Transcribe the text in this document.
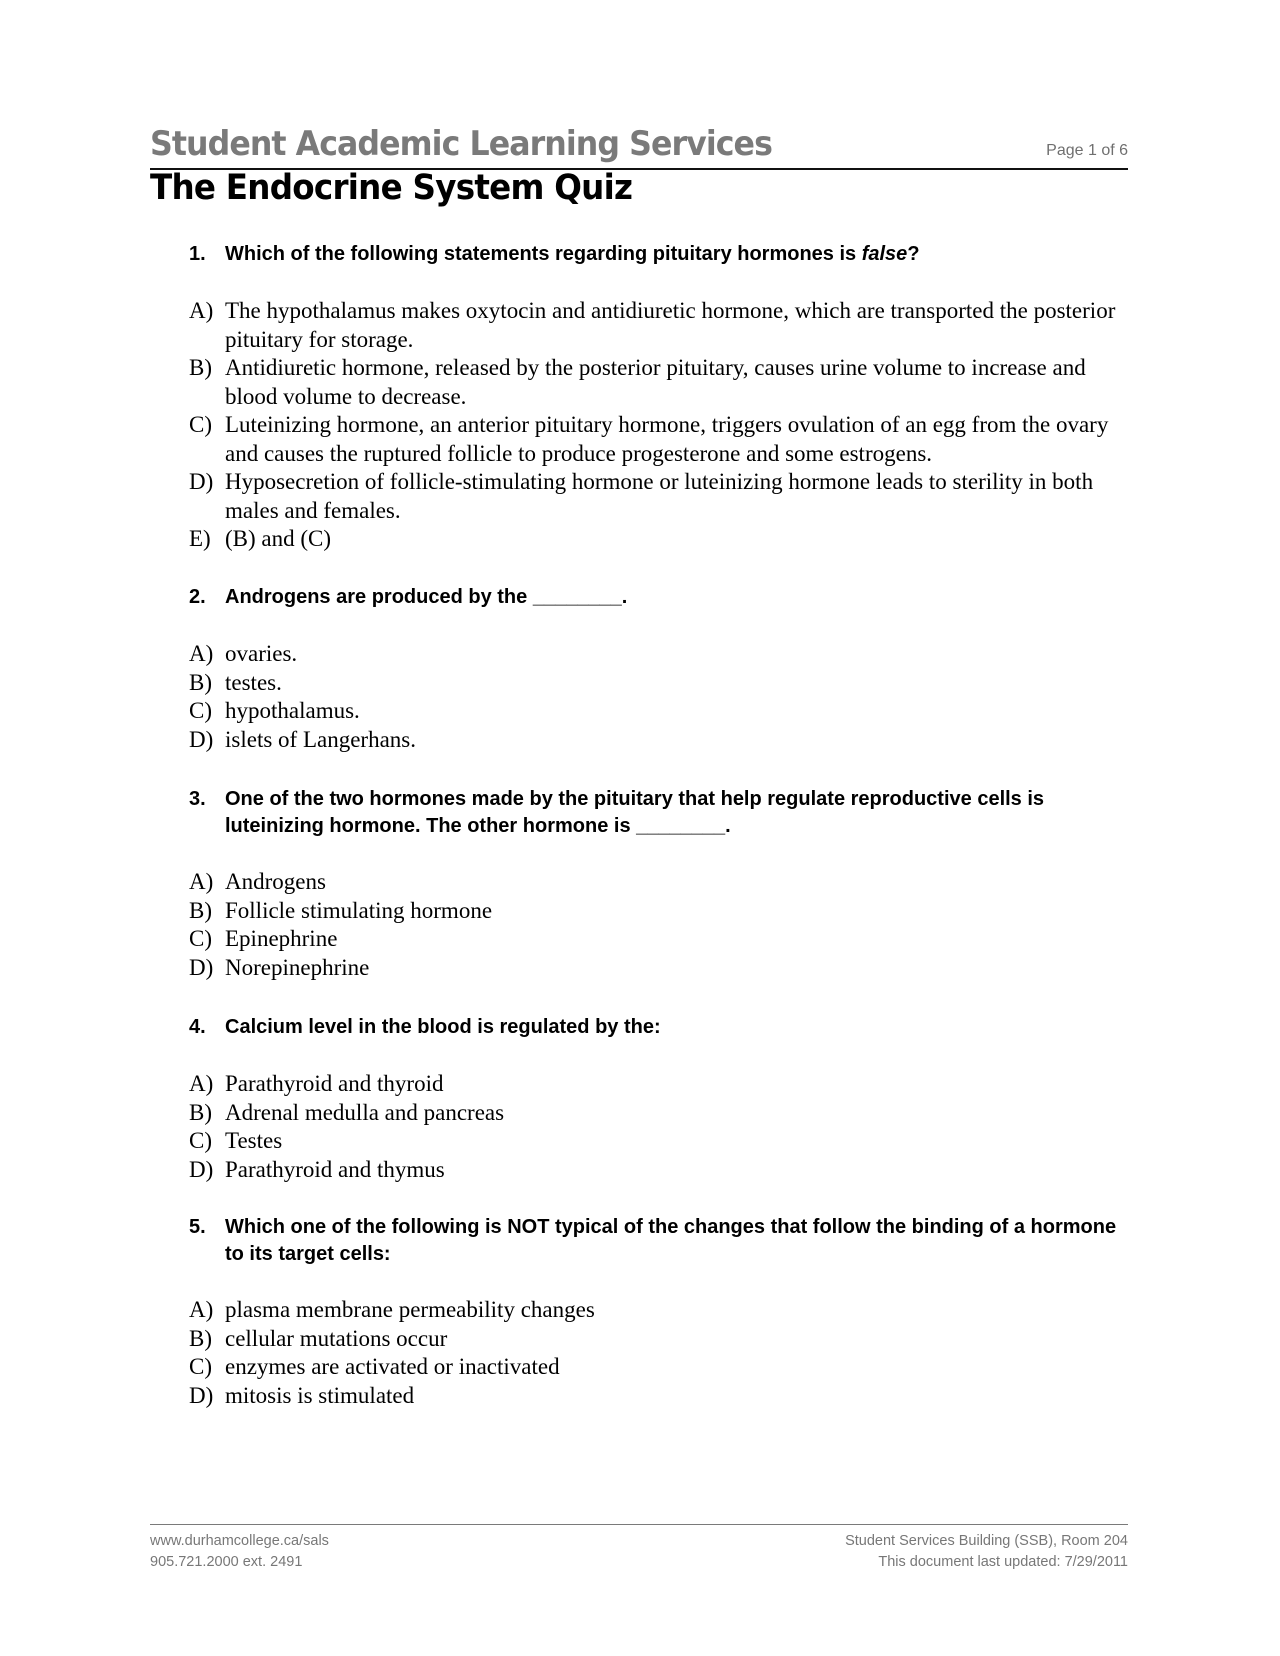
Student Academic Learning Services	Page 1 of 6
The Endocrine System Quiz
1. Which of the following statements regarding pituitary hormones is false?
A) The hypothalamus makes oxytocin and antidiuretic hormone, which are transported the posterior pituitary for storage.
B) Antidiuretic hormone, released by the posterior pituitary, causes urine volume to increase and blood volume to decrease.
C) Luteinizing hormone, an anterior pituitary hormone, triggers ovulation of an egg from the ovary and causes the ruptured follicle to produce progesterone and some estrogens.
D) Hyposecretion of follicle-stimulating hormone or luteinizing hormone leads to sterility in both males and females.
E) (B) and (C)
2. Androgens are produced by the ________.
A) ovaries.
B) testes.
C) hypothalamus.
D) islets of Langerhans.
3. One of the two hormones made by the pituitary that help regulate reproductive cells is luteinizing hormone. The other hormone is ________.
A) Androgens
B) Follicle stimulating hormone
C) Epinephrine
D) Norepinephrine
4. Calcium level in the blood is regulated by the:
A) Parathyroid and thyroid
B) Adrenal medulla and pancreas
C) Testes
D) Parathyroid and thymus
5. Which one of the following is NOT typical of the changes that follow the binding of a hormone to its target cells:
A) plasma membrane permeability changes
B) cellular mutations occur
C) enzymes are activated or inactivated
D) mitosis is stimulated
www.durhamcollege.ca/sals
905.721.2000 ext. 2491
Student Services Building (SSB), Room 204
This document last updated: 7/29/2011
